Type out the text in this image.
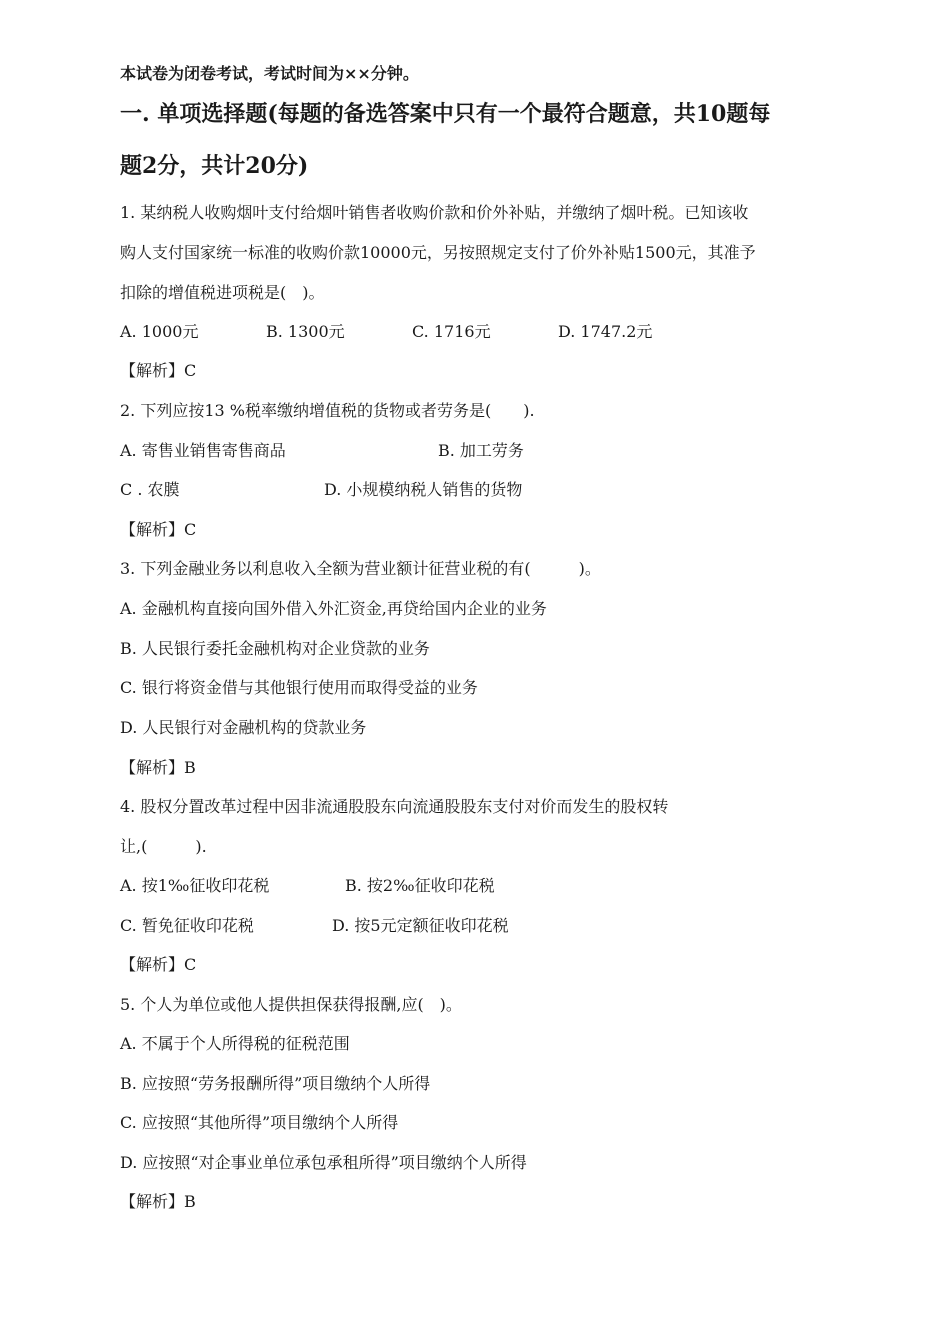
本试卷为闭卷考试，考试时间为××分钟。
一. 单项选择题(每题的备选答案中只有一个最符合题意，共10题每
题2分，共计20分)
1. 某纳税人收购烟叶支付给烟叶销售者收购价款和价外补贴，并缴纳了烟叶税。已知该收
购人支付国家统一标准的收购价款10000元，另按照规定支付了价外补贴1500元，其准予
扣除的增值税进项税是(　)。
A. 1000元	B. 1300元	C. 1716元	D. 1747.2元
【解析】C
2. 下列应按13 %税率缴纳增值税的货物或者劳务是(　　).
A. 寄售业销售寄售商品	B. 加工劳务
C . 农膜	D. 小规模纳税人销售的货物
【解析】C
3. 下列金融业务以利息收入全额为营业额计征营业税的有(　　　)。
A. 金融机构直接向国外借入外汇资金,再贷给国内企业的业务
B. 人民银行委托金融机构对企业贷款的业务
C. 银行将资金借与其他银行使用而取得受益的业务
D. 人民银行对金融机构的贷款业务
【解析】B
4. 股权分置改革过程中因非流通股股东向流通股股东支付对价而发生的股权转
让,(　　　).
A. 按1‰征收印花税	B. 按2‰征收印花税
C. 暂免征收印花税	D. 按5元定额征收印花税
【解析】C
5. 个人为单位或他人提供担保获得报酬,应(　)。
A. 不属于个人所得税的征税范围
B. 应按照“劳务报酬所得”项目缴纳个人所得
C. 应按照“其他所得”项目缴纳个人所得
D. 应按照“对企事业单位承包承租所得”项目缴纳个人所得
【解析】B
